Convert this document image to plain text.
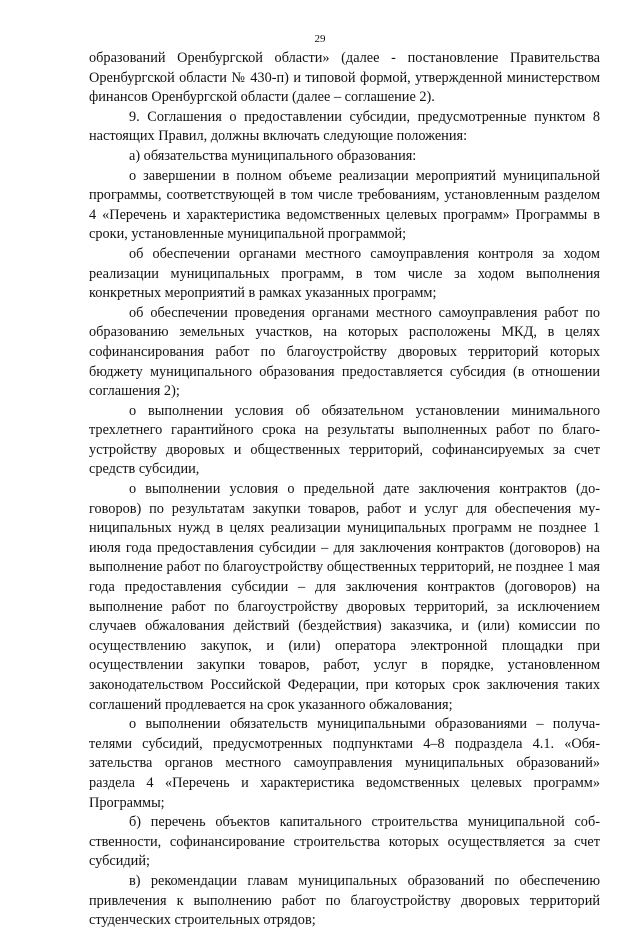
29

образований Оренбургской области» (далее - постановление Правительства Оренбургской области № 430-п) и типовой формой, утвержденной министерством финансов Оренбургской области (далее – соглашение 2).

9. Соглашения о предоставлении субсидии, предусмотренные пунктом 8 настоящих Правил, должны включать следующие положения:

а) обязательства муниципального образования:

о завершении в полном объеме реализации мероприятий муниципальной программы, соответствующей в том числе требованиям, установленным разделом 4 «Перечень и характеристика ведомственных целевых программ» Программы в сроки, установленные муниципальной программой;

об обеспечении органами местного самоуправления контроля за ходом реализации муниципальных программ, в том числе за ходом выполнения конкретных мероприятий в рамках указанных программ;

об обеспечении проведения органами местного самоуправления работ по образованию земельных участков, на которых расположены МКД, в целях софинансирования работ по благоустройству дворовых территорий которых бюджету муниципального образования предоставляется субсидия (в отношении соглашения 2);

о выполнении условия об обязательном установлении минимального трехлетнего гарантийного срока на результаты выполненных работ по благоустройству дворовых и общественных территорий, софинансируемых за счет средств субсидии,

о выполнении условия о предельной дате заключения контрактов (договоров) по результатам закупки товаров, работ и услуг для обеспечения муниципальных нужд в целях реализации муниципальных программ не позднее 1 июля года предоставления субсидии – для заключения контрактов (договоров) на выполнение работ по благоустройству общественных территорий, не позднее 1 мая года предоставления субсидии – для заключения контрактов (договоров) на выполнение работ по благоустройству дворовых территорий, за исключением случаев обжалования действий (бездействия) заказчика, и (или) комиссии по осуществлению закупок, и (или) оператора электронной площадки при осуществлении закупки товаров, работ, услуг в порядке, установленном законодательством Российской Федерации, при которых срок заключения таких соглашений продлевается на срок указанного обжалования;

о выполнении обязательств муниципальными образованиями – получателями субсидий, предусмотренных подпунктами 4–8 подраздела 4.1. «Обязательства органов местного самоуправления муниципальных образований» раздела 4 «Перечень и характеристика ведомственных целевых программ» Программы;

б) перечень объектов капитального строительства муниципальной собственности, софинансирование строительства которых осуществляется за счет субсидий;

в) рекомендации главам муниципальных образований по обеспечению привлечения к выполнению работ по благоустройству дворовых территорий студенческих строительных отрядов;
